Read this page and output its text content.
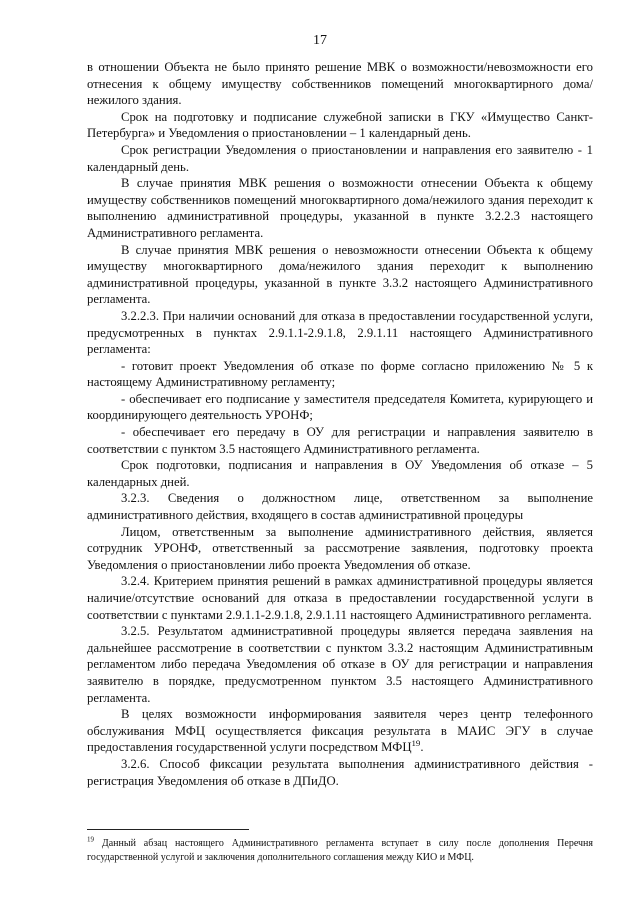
17

в отношении Объекта не было принято решение МВК о возможности/невозможности его отнесения к общему имуществу собственников помещений многоквартирного дома/нежилого здания.

Срок на подготовку и подписание служебной записки в ГКУ «Имущество Санкт-Петербурга» и Уведомления о приостановлении – 1 календарный день.

Срок регистрации Уведомления о приостановлении и направления его заявителю - 1 календарный день.

В случае принятия МВК решения о возможности отнесении Объекта к общему имуществу собственников помещений многоквартирного дома/нежилого здания переходит к выполнению административной процедуры, указанной в пункте 3.2.2.3 настоящего Административного регламента.

В случае принятия МВК решения о невозможности отнесении Объекта к общему имуществу многоквартирного дома/нежилого здания переходит к выполнению административной процедуры, указанной в пункте 3.3.2 настоящего Административного регламента.

3.2.2.3. При наличии оснований для отказа в предоставлении государственной услуги, предусмотренных в пунктах 2.9.1.1-2.9.1.8, 2.9.1.11 настоящего Административного регламента:

- готовит проект Уведомления об отказе по форме согласно приложению № 5 к настоящему Административному регламенту;

- обеспечивает его подписание у заместителя председателя Комитета, курирующего и координирующего деятельность УРОНФ;

- обеспечивает его передачу в ОУ для регистрации и направления заявителю в соответствии с пунктом 3.5 настоящего Административного регламента.

Срок подготовки, подписания и направления в ОУ Уведомления об отказе – 5 календарных дней.

3.2.3. Сведения о должностном лице, ответственном за выполнение административного действия, входящего в состав административной процедуры

Лицом, ответственным за выполнение административного действия, является сотрудник УРОНФ, ответственный за рассмотрение заявления, подготовку проекта Уведомления о приостановлении либо проекта Уведомления об отказе.

3.2.4. Критерием принятия решений в рамках административной процедуры является наличие/отсутствие оснований для отказа в предоставлении государственной услуги в соответствии с пунктами 2.9.1.1-2.9.1.8, 2.9.1.11 настоящего Административного регламента.

3.2.5. Результатом административной процедуры является передача заявления на дальнейшее рассмотрение в соответствии с пунктом 3.3.2 настоящим Административным регламентом либо передача Уведомления об отказе в ОУ для регистрации и направления заявителю в порядке, предусмотренном пунктом 3.5 настоящего Административного регламента.

В целях возможности информирования заявителя через центр телефонного обслуживания МФЦ осуществляется фиксация результата в МАИС ЭГУ в случае предоставления государственной услуги посредством МФЦ$^{19}$.

3.2.6. Способ фиксации результата выполнения административного действия - регистрация Уведомления об отказе в ДПиДО.

$^{19}$ Данный абзац настоящего Административного регламента вступает в силу после дополнения Перечня государственной услугой и заключения дополнительного соглашения между КИО и МФЦ.
